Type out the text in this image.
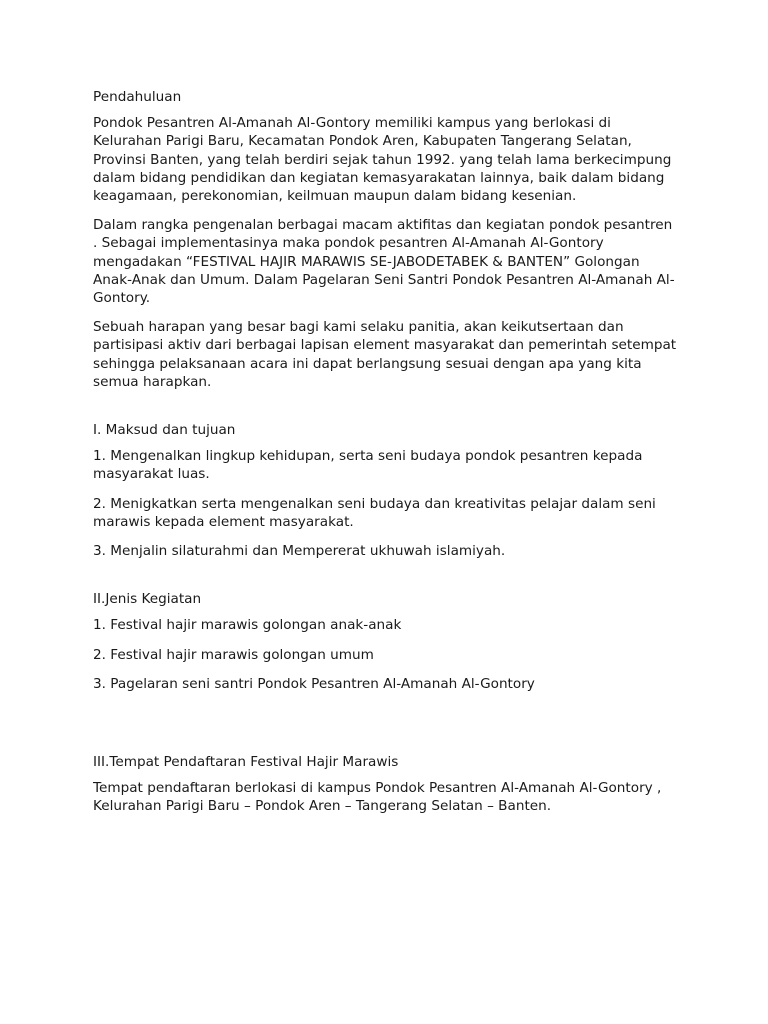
Pendahuluan

Pondok Pesantren Al-Amanah Al-Gontory memiliki kampus yang berlokasi di Kelurahan Parigi Baru, Kecamatan Pondok Aren, Kabupaten Tangerang Selatan, Provinsi Banten, yang telah berdiri sejak tahun 1992. yang telah lama berkecimpung dalam bidang pendidikan dan kegiatan kemasyarakatan lainnya, baik dalam bidang keagamaan, perekonomian, keilmuan maupun dalam bidang kesenian.

Dalam rangka pengenalan berbagai macam aktifitas dan kegiatan pondok pesantren . Sebagai implementasinya maka pondok pesantren Al-Amanah Al-Gontory mengadakan “FESTIVAL HAJIR MARAWIS SE-JABODETABEK & BANTEN” Golongan Anak-Anak dan Umum. Dalam Pagelaran Seni Santri Pondok Pesantren Al-Amanah Al-Gontory.

Sebuah harapan yang besar bagi kami selaku panitia, akan keikutsertaan dan partisipasi aktiv dari berbagai lapisan element masyarakat dan pemerintah setempat sehingga pelaksanaan acara ini dapat berlangsung sesuai dengan apa yang kita semua harapkan.

I. Maksud dan tujuan

1. Mengenalkan lingkup kehidupan, serta seni budaya pondok pesantren kepada masyarakat luas.

2. Menigkatkan serta mengenalkan seni budaya dan kreativitas pelajar dalam seni marawis kepada element masyarakat.

3. Menjalin silaturahmi dan Mempererat ukhuwah islamiyah.

II.Jenis Kegiatan

1. Festival hajir marawis golongan anak-anak

2. Festival hajir marawis golongan umum

3. Pagelaran seni santri Pondok Pesantren Al-Amanah Al-Gontory

III.Tempat Pendaftaran Festival Hajir Marawis

Tempat pendaftaran berlokasi di kampus Pondok Pesantren Al-Amanah Al-Gontory , Kelurahan Parigi Baru – Pondok Aren – Tangerang Selatan – Banten.
